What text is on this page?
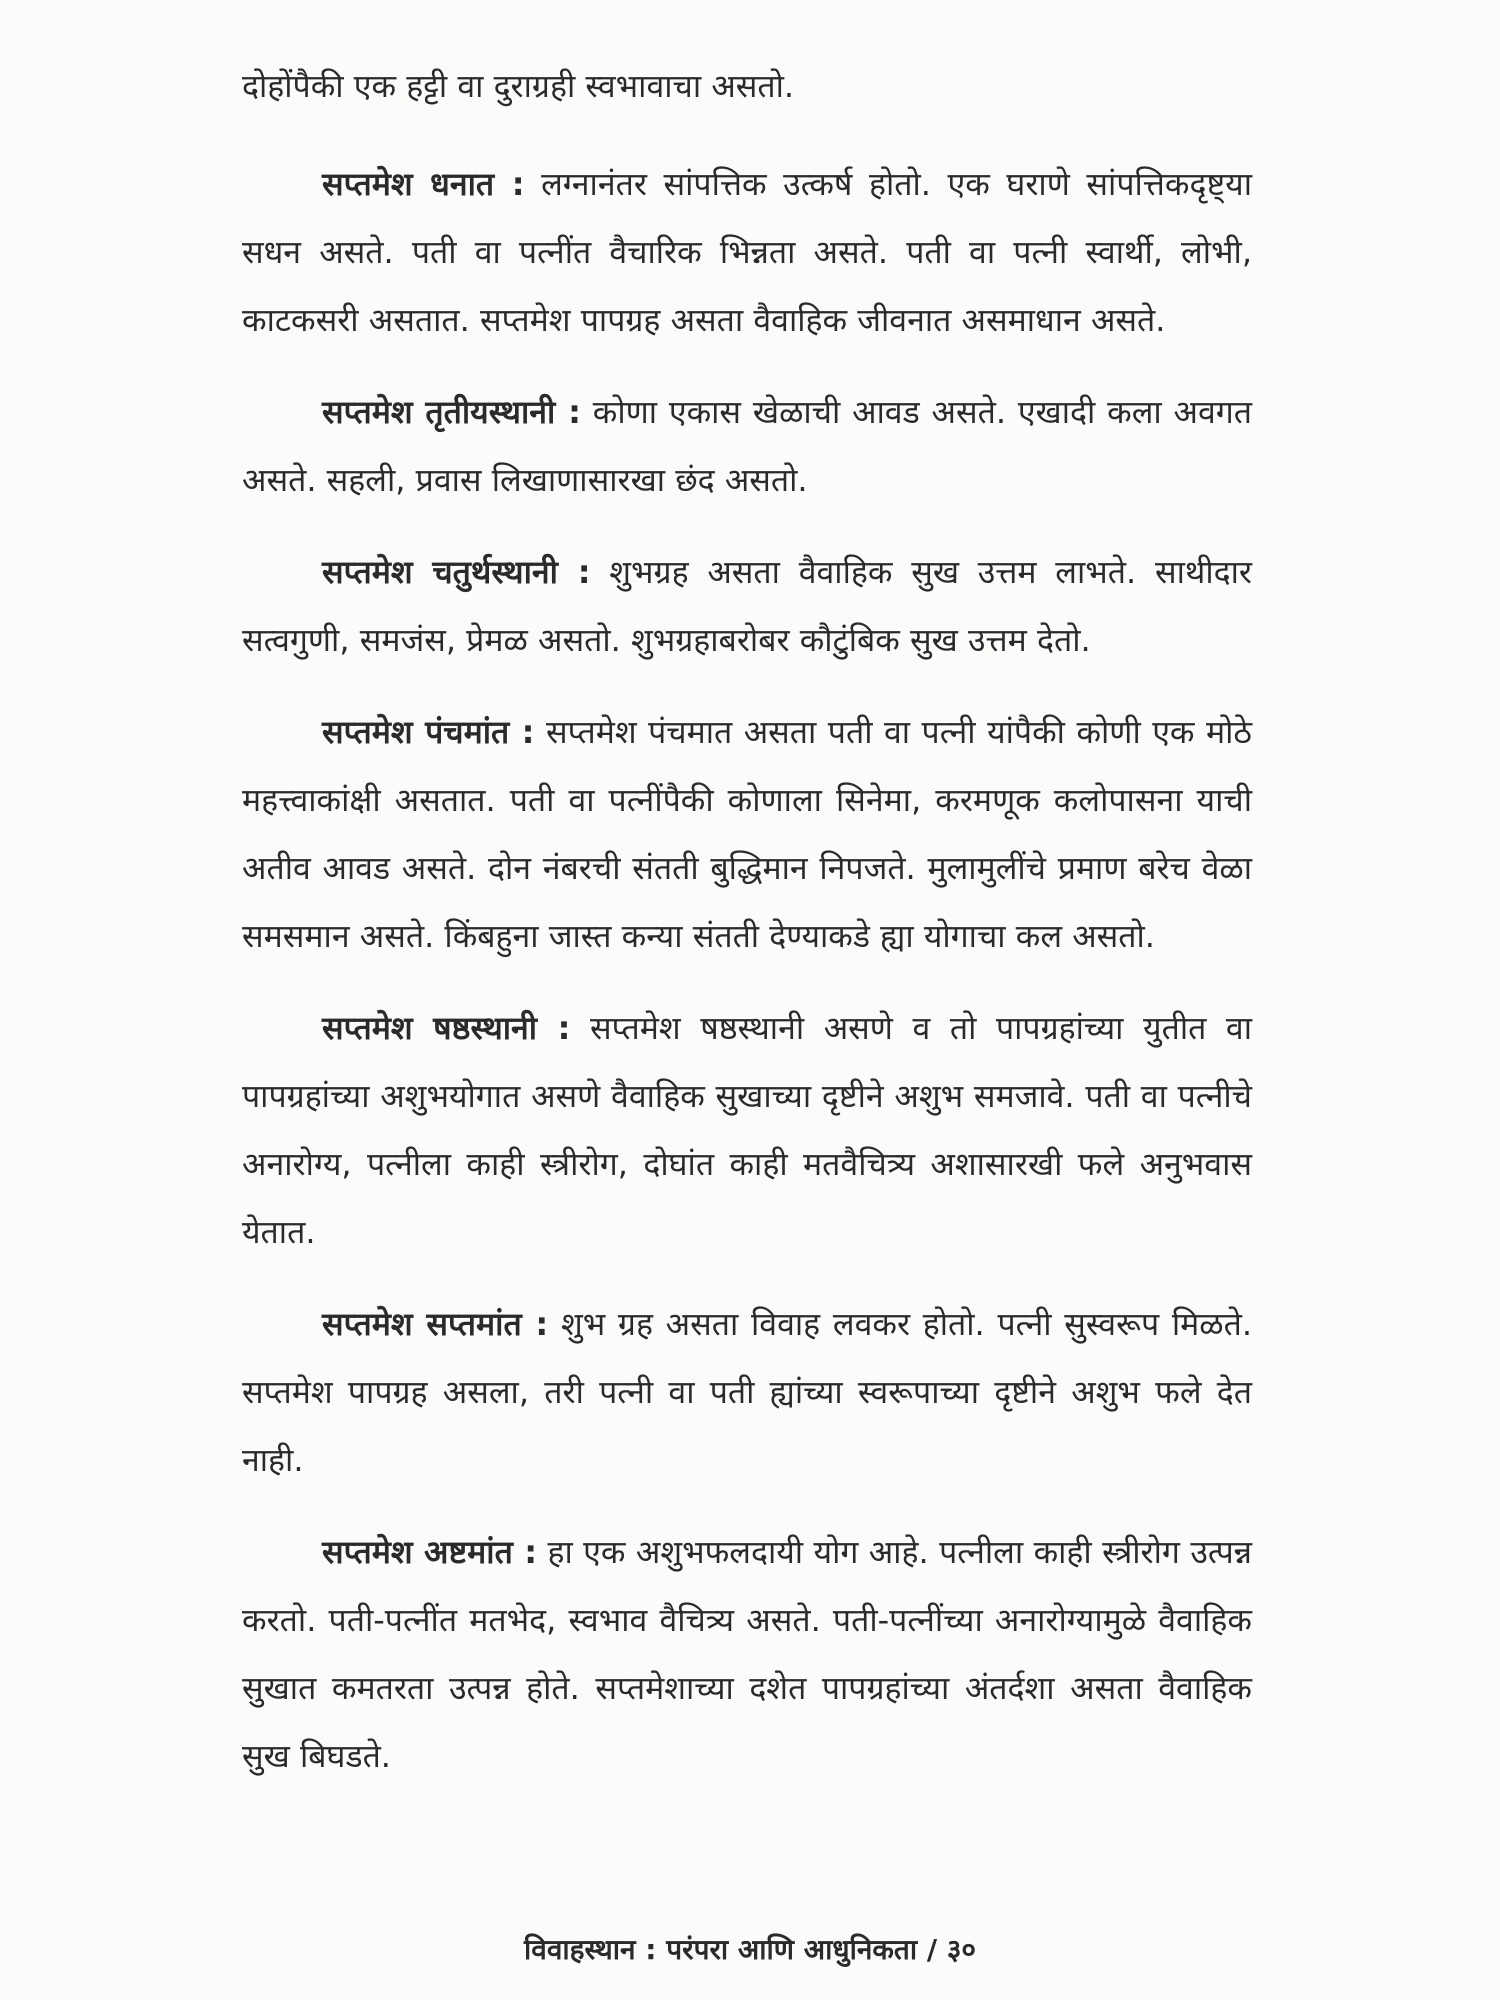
दोहोंपैकी एक हट्टी वा दुराग्रही स्वभावाचा असतो.

सप्तमेश धनात : लग्नानंतर सांपत्तिक उत्कर्ष होतो. एक घराणे सांपत्तिकदृष्ट्या सधन असते. पती वा पत्नींत वैचारिक भिन्नता असते. पती वा पत्नी स्वार्थी, लोभी, काटकसरी असतात. सप्तमेश पापग्रह असता वैवाहिक जीवनात असमाधान असते.

सप्तमेश तृतीयस्थानी : कोणा एकास खेळाची आवड असते. एखादी कला अवगत असते. सहली, प्रवास लिखाणासारखा छंद असतो.

सप्तमेश चतुर्थस्थानी : शुभग्रह असता वैवाहिक सुख उत्तम लाभते. साथीदार सत्वगुणी, समजंस, प्रेमळ असतो. शुभग्रहाबरोबर कौटुंबिक सुख उत्तम देतो.

सप्तमेश पंचमांत : सप्तमेश पंचमात असता पती वा पत्नी यांपैकी कोणी एक मोठे महत्त्वाकांक्षी असतात. पती वा पत्नींपैकी कोणाला सिनेमा, करमणूक कलोपासना याची अतीव आवड असते. दोन नंबरची संतती बुद्धिमान निपजते. मुलामुलींचे प्रमाण बरेच वेळा समसमान असते. किंबहुना जास्त कन्या संतती देण्याकडे ह्या योगाचा कल असतो.

सप्तमेश षष्ठस्थानी : सप्तमेश षष्ठस्थानी असणे व तो पापग्रहांच्या युतीत वा पापग्रहांच्या अशुभयोगात असणे वैवाहिक सुखाच्या दृष्टीने अशुभ समजावे. पती वा पत्नीचे अनारोग्य, पत्नीला काही स्त्रीरोग, दोघांत काही मतवैचित्र्य अशासारखी फले अनुभवास येतात.

सप्तमेश सप्तमांत : शुभ ग्रह असता विवाह लवकर होतो. पत्नी सुस्वरूप मिळते. सप्तमेश पापग्रह असला, तरी पत्नी वा पती ह्यांच्या स्वरूपाच्या दृष्टीने अशुभ फले देत नाही.

सप्तमेश अष्टमांत : हा एक अशुभफलदायी योग आहे. पत्नीला काही स्त्रीरोग उत्पन्न करतो. पती-पत्नींत मतभेद, स्वभाव वैचित्र्य असते. पती-पत्नींच्या अनारोग्यामुळे वैवाहिक सुखात कमतरता उत्पन्न होते. सप्तमेशाच्या दशेत पापग्रहांच्या अंतर्दशा असता वैवाहिक सुख बिघडते.

विवाहस्थान : परंपरा आणि आधुनिकता / ३०
